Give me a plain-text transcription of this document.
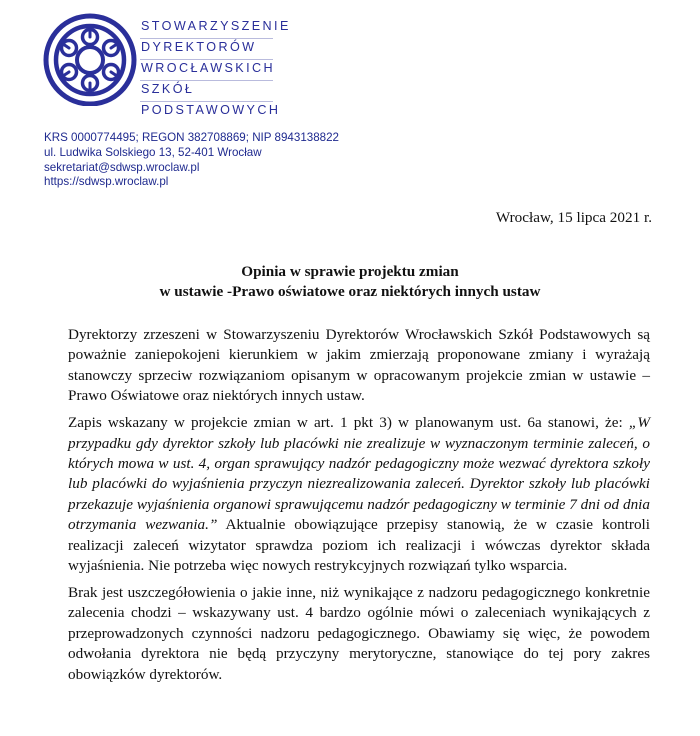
STOWARZYSZENIE
DYREKTORÓW
WROCŁAWSKICH
SZKÓŁ
PODSTAWOWYCH
KRS 0000774495; REGON 382708869; NIP 8943138822
ul. Ludwika Solskiego 13, 52-401 Wrocław
sekretariat@sdwsp.wroclaw.pl
https://sdwsp.wroclaw.pl
Wrocław, 15 lipca 2021 r.
Opinia w sprawie projektu zmian
w ustawie -Prawo oświatowe oraz niektórych innych ustaw

Dyrektorzy zrzeszeni w Stowarzyszeniu Dyrektorów Wrocławskich Szkół Podstawowych są poważnie zaniepokojeni kierunkiem w jakim zmierzają proponowane zmiany i wyrażają stanowczy sprzeciw rozwiązaniom opisanym w opracowanym projekcie zmian w ustawie – Prawo Oświatowe oraz niektórych innych ustaw.

Zapis wskazany w projekcie zmian w art. 1 pkt 3) w planowanym ust. 6a stanowi, że: „W przypadku gdy dyrektor szkoły lub placówki nie zrealizuje w wyznaczonym terminie zaleceń, o których mowa w ust. 4, organ sprawujący nadzór pedagogiczny może wezwać dyrektora szkoły lub placówki do wyjaśnienia przyczyn niezrealizowania zaleceń. Dyrektor szkoły lub placówki przekazuje wyjaśnienia organowi sprawującemu nadzór pedagogiczny w terminie 7 dni od dnia otrzymania wezwania.” Aktualnie obowiązujące przepisy stanowią, że w czasie kontroli realizacji zaleceń wizytator sprawdza poziom ich realizacji i wówczas dyrektor składa wyjaśnienia. Nie potrzeba więc nowych restrykcyjnych rozwiązań tylko wsparcia.

Brak jest uszczegółowienia o jakie inne, niż wynikające z nadzoru pedagogicznego konkretnie zalecenia chodzi – wskazywany ust. 4 bardzo ogólnie mówi o zaleceniach wynikających z przeprowadzonych czynności nadzoru pedagogicznego. Obawiamy się więc, że powodem odwołania dyrektora nie będą przyczyny merytoryczne, stanowiące do tej pory zakres obowiązków dyrektorów.
